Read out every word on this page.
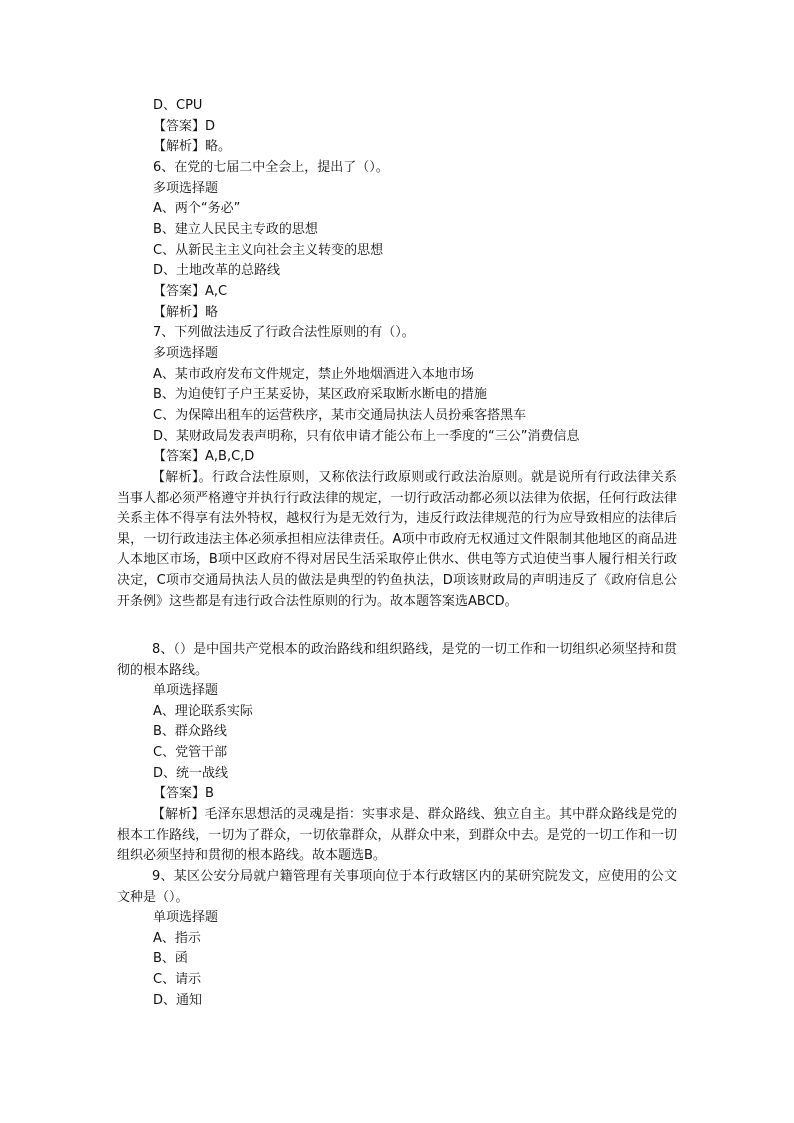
D、CPU
【答案】D
【解析】略。
6、在党的七届二中全会上，提出了（）。
多项选择题
A、两个“务必”
B、建立人民民主专政的思想
C、从新民主主义向社会主义转变的思想
D、土地改革的总路线
【答案】A,C
【解析】略
7、下列做法违反了行政合法性原则的有（）。
多项选择题
A、某市政府发布文件规定，禁止外地烟酒进入本地市场
B、为迫使钉子户王某妥协，某区政府采取断水断电的措施
C、为保障出租车的运营秩序，某市交通局执法人员扮乘客搭黑车
D、某财政局发表声明称，只有依申请才能公布上一季度的“三公”消费信息
【答案】A,B,C,D

【解析】。行政合法性原则，又称依法行政原则或行政法治原则。就是说所有行政法律关系当事人都必须严格遵守并执行行政法律的规定，一切行政活动都必须以法律为依据，任何行政法律关系主体不得享有法外特权，越权行为是无效行为，违反行政法律规范的行为应导致相应的法律后果，一切行政违法主体必须承担相应法律责任。A项中市政府无权通过文件限制其他地区的商品进人本地区市场，B项中区政府不得对居民生活采取停止供水、供电等方式迫使当事人履行相关行政决定，C项市交通局执法人员的做法是典型的钓鱼执法，D项该财政局的声明违反了《政府信息公开条例》这些都是有违行政合法性原则的行为。故本题答案选ABCD。

8、（）是中国共产党根本的政治路线和组织路线，是党的一切工作和一切组织必须坚持和贯彻的根本路线。

单项选择题
A、理论联系实际
B、群众路线
C、党管干部
D、统一战线
【答案】B

【解析】毛泽东思想活的灵魂是指：实事求是、群众路线、独立自主。其中群众路线是党的根本工作路线，一切为了群众，一切依靠群众，从群众中来，到群众中去。是党的一切工作和一切组织必须坚持和贯彻的根本路线。故本题选B。

9、某区公安分局就户籍管理有关事项向位于本行政辖区内的某研究院发文，应使用的公文文种是（）。

单项选择题
A、指示
B、函
C、请示
D、通知
